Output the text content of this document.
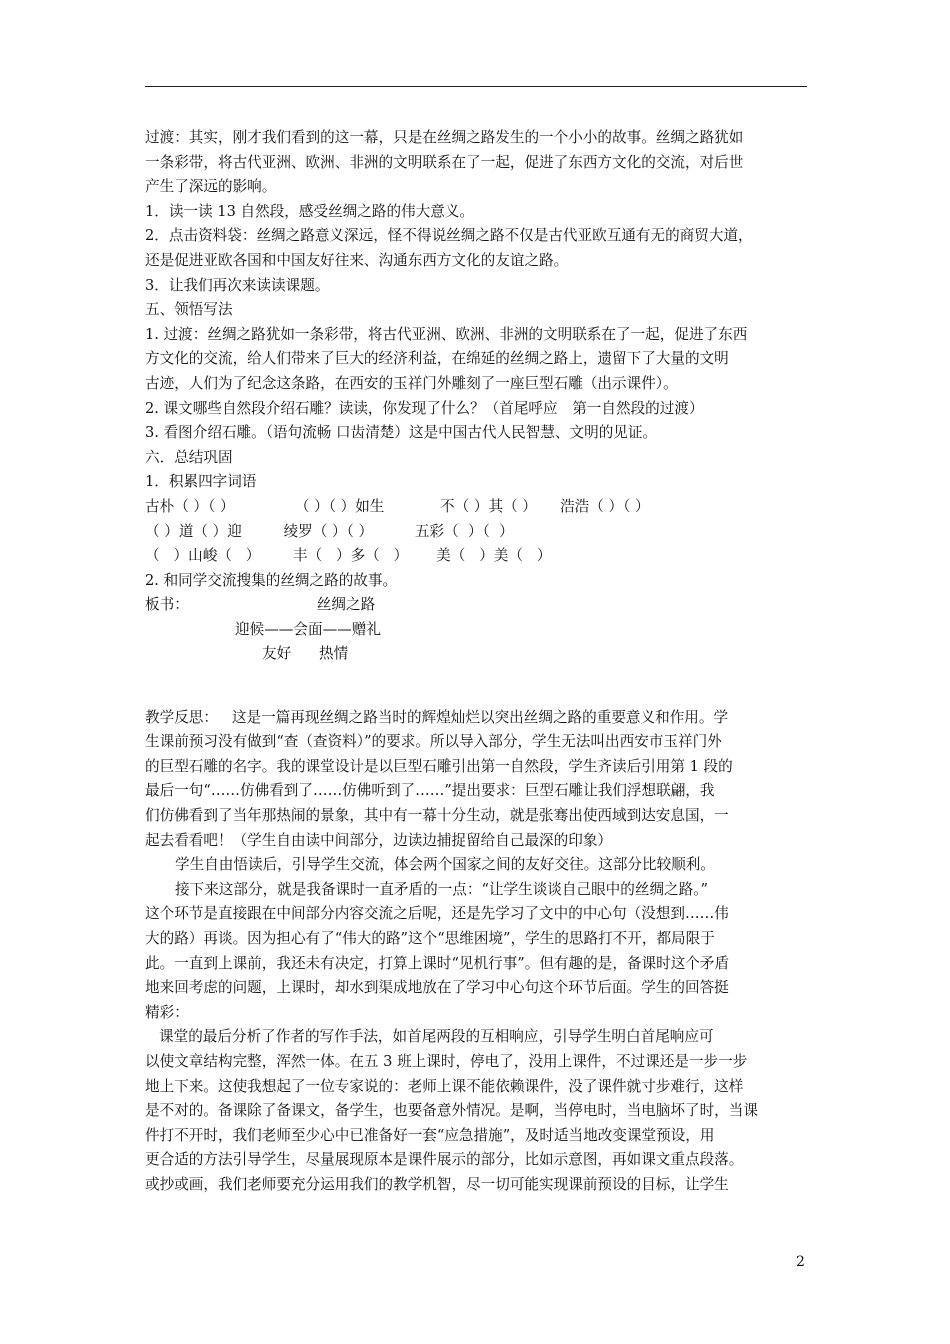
过渡：其实，刚才我们看到的这一幕，只是在丝绸之路发生的一个小小的故事。丝绸之路犹如
一条彩带，将古代亚洲、欧洲、非洲的文明联系在了一起，促进了东西方文化的交流，对后世
产生了深远的影响。
1．读一读 13 自然段，感受丝绸之路的伟大意义。
2．点击资料袋：丝绸之路意义深远，怪不得说丝绸之路不仅是古代亚欧互通有无的商贸大道，
还是促进亚欧各国和中国友好往来、沟通东西方文化的友谊之路。
3．让我们再次来读读课题。
五、领悟写法
1. 过渡：丝绸之路犹如一条彩带，将古代亚洲、欧洲、非洲的文明联系在了一起，促进了东西
方文化的交流，给人们带来了巨大的经济利益，在绵延的丝绸之路上，遗留下了大量的文明
古迹，人们为了纪念这条路，在西安的玉祥门外雕刻了一座巨型石雕（出示课件）。
2. 课文哪些自然段介绍石雕？读读，你发现了什么？（首尾呼应　第一自然段的过渡）
3. 看图介绍石雕。（语句流畅 口齿清楚）这是中国古代人民智慧、文明的见证。
六．总结巩固
1．积累四字词语
古朴（ ）（ ）             （ ）（ ）如生            不（ ）其（ ）     浩浩（ ）（ ）
（ ）道（ ）迎         绫罗（ ）（ ）         五彩（  ）（  ）
（   ）山峻（   ）       丰（   ）多（   ）      美（   ）美（   ）
2. 和同学交流搜集的丝绸之路的故事。
板书：	丝绸之路
迎候——会面——赠礼
友好      热情
教学反思：   这是一篇再现丝绸之路当时的辉煌灿烂以突出丝绸之路的重要意义和作用。学
生课前预习没有做到“查（查资料）”的要求。所以导入部分，学生无法叫出西安市玉祥门外
的巨型石雕的名字。我的课堂设计是以巨型石雕引出第一自然段，学生齐读后引用第 1 段的
最后一句“……仿佛看到了……仿佛听到了……”提出要求：巨型石雕让我们浮想联翩，我
们仿佛看到了当年那热闹的景象，其中有一幕十分生动，就是张骞出使西域到达安息国，一
起去看看吧！（学生自由读中间部分，边读边捕捉留给自己最深的印象）
学生自由悟读后，引导学生交流，体会两个国家之间的友好交往。这部分比较顺利。
接下来这部分，就是我备课时一直矛盾的一点：“让学生谈谈自己眼中的丝绸之路。”
这个环节是直接跟在中间部分内容交流之后呢，还是先学习了文中的中心句（没想到……伟
大的路）再谈。因为担心有了“伟大的路”这个“思维困境”，学生的思路打不开，都局限于
此。一直到上课前，我还未有决定，打算上课时“见机行事”。但有趣的是，备课时这个矛盾
地来回考虑的问题，上课时，却水到渠成地放在了学习中心句这个环节后面。学生的回答挺
精彩：
课堂的最后分析了作者的写作手法，如首尾两段的互相响应，引导学生明白首尾响应可
以使文章结构完整，浑然一体。在五 3 班上课时，停电了，没用上课件，不过课还是一步一步
地上下来。这使我想起了一位专家说的：老师上课不能依赖课件，没了课件就寸步难行，这样
是不对的。备课除了备课文，备学生，也要备意外情况。是啊，当停电时，当电脑坏了时，当课
件打不开时，我们老师至少心中已准备好一套“应急措施”，及时适当地改变课堂预设，用
更合适的方法引导学生，尽量展现原本是课件展示的部分，比如示意图，再如课文重点段落。
或抄或画，我们老师要充分运用我们的教学机智，尽一切可能实现课前预设的目标，让学生
2
